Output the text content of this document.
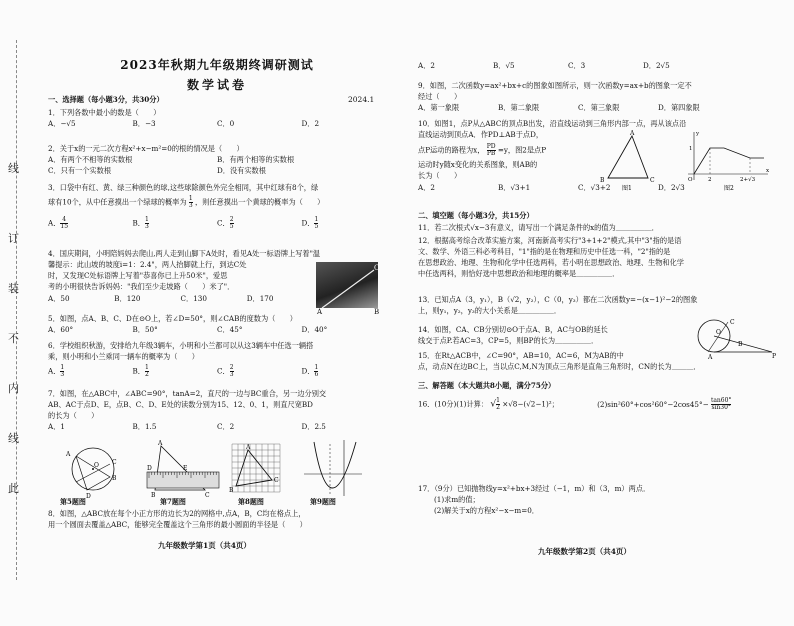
线
订
装
不
内
线
此
2023年秋期九年级期终调研测试
数学试卷
2024.1
一、选择题（每小题3分，共30分）
1．下列各数中最小的数是（　　）
A．−√5	B．−3	C．0	D．2
2．关于x的一元二次方程x²+x−m²=0的根的情况是（　　）
A．有两个不相等的实数根	B．有两个相等的实数根
C．只有一个实数根	D．没有实数根
3．口袋中有红、黄、绿三种颜色的球,这些球除颜色外完全相同，其中红球有8个，绿
球有10个，从中任意摸出一个绿球的概率为 $\frac{1}{3}$ ，则任意摸出一个黄球的概率为（　　）
A． $\frac{4}{15}$	B． $\frac{1}{3}$	C． $\frac{2}{5}$	D． $\frac{1}{5}$
4．国庆期间，小明陪妈妈去爬山,两人走到山脚下A处时，看见A处一标语牌上写着"温
馨提示：此山坡的坡度i=1：2.4"，两人抬脚就上行，到达C处
时，又发现C处标语牌上写着"恭喜你已上升50米"，爱思
考的小明很快告诉妈妈："我们至少走坡路（　　）米了"．
A．50	B．120	C．130	D．170
A
C
B
5．如图，点A、B、C、D在⊙O上，若∠D=50°，则∠CAB的度数为（　　）
A．60°	B．50°	C．45°	D．40°
6．学校组织秋游，安排给九年级3辆车，小明和小兰都可以从这3辆车中任选一辆搭
乘，则小明和小兰乘同一辆车的概率为（　　）
A． $\frac{1}{3}$	B． $\frac{1}{2}$	C． $\frac{2}{3}$	D． $\frac{1}{6}$
7．如图，在△ABC中，∠ABC=90°，tanA=2，直尺的一边与BC重合，另一边分别交
AB、AC于点D、E，点B、C、D、E处的读数分别为15、12、0、1，则直尺宽BD
的长为（　　）
A．1	B．1.5	C．2	D．2.5
A
B
D
C
O
A
B	C
D	E
A
B
C
第5题图	第7题图	第8题图	第9题图
8．如图，△ABC放在每个小正方形的边长为2的网格中,点A，B，C均在格点上，
用一个圆面去覆盖△ABC，能够完全覆盖这个三角形的最小圆面的半径是（　　）
九年级数学第1页（共4页）
A．2	B．√5	C．3	D．2√5
9．如图，二次函数y=ax²+bx+c的图象如图所示，则一次函数y=ax+b的图象一定不
经过（　　）
A．第一象限	B．第二象限	C．第三象限	D．第四象限
10．如图1，点P从△ABC的顶点B出发，沿直线运动到三角形内部一点，再从该点沿
直线运动到顶点A．作PD⊥AB于点D，
点P运动的路程为x， $\frac{PD}{PB} =y$，图2是点P
运动时y随x变化的关系图象，则AB的
长为（　　）
A．2	B．√3+1	C．√3+2	D．2√3
A
B	C
图1
y
O
x
1
2	2+√3
图2
二、填空题（每小题3分，共15分）
11．若二次根式√x−3有意义，请写出一个满足条件的x的值为＿＿＿＿＿．
12．根据高考综合改革实施方案，河南新高考实行"3+1+2"模式,其中"3"指的是语
文、数学、外语三科必考科目，"1"指的是在物理和历史中任选一科，"2"指的是
在思想政治、地理、生物和化学中任选两科，若小明在思想政治、地理、生物和化学
中任选两科，则恰好选中思想政治和地理的概率是＿＿＿＿＿．
13．已知点A（3，y₁），B（√2，y₂），C（0，y₃）都在二次函数y=−(x−1)²−2的图象
上，则y₁，y₂，y₃的大小关系是＿＿＿＿＿．
14．如图，CA、CB分别切⊙O于点A、B，AC与OB的延长
线交于点P.若AC=3，CP=5，则BP的长为＿＿＿＿＿．
O
C
A
B
P
15．在Rt△ACB中，∠C=90°，AB=10，AC=6，M为AB的中
点，动点N在边BC上，当以点C,M,N为顶点三角形是直角三角形时，CN的长为＿＿＿．
三、解答题（本大题共8小题，满分75分）
16．(10分)(1)计算： √ $\frac{1}{2} \times√8-(√2-1)^2$；	$(2)\sin^260^\circ+\cos^260^\circ-2\cos 45^\circ- \frac{\tan 60^\circ}{\sin 30^\circ}$
17．（9分）已知抛物线y=x²+bx+3经过（−1，m）和（3，m）两点．
(1)求m的值；
(2)解关于x的方程x²−x−m=0．
九年级数学第2页（共4页）
